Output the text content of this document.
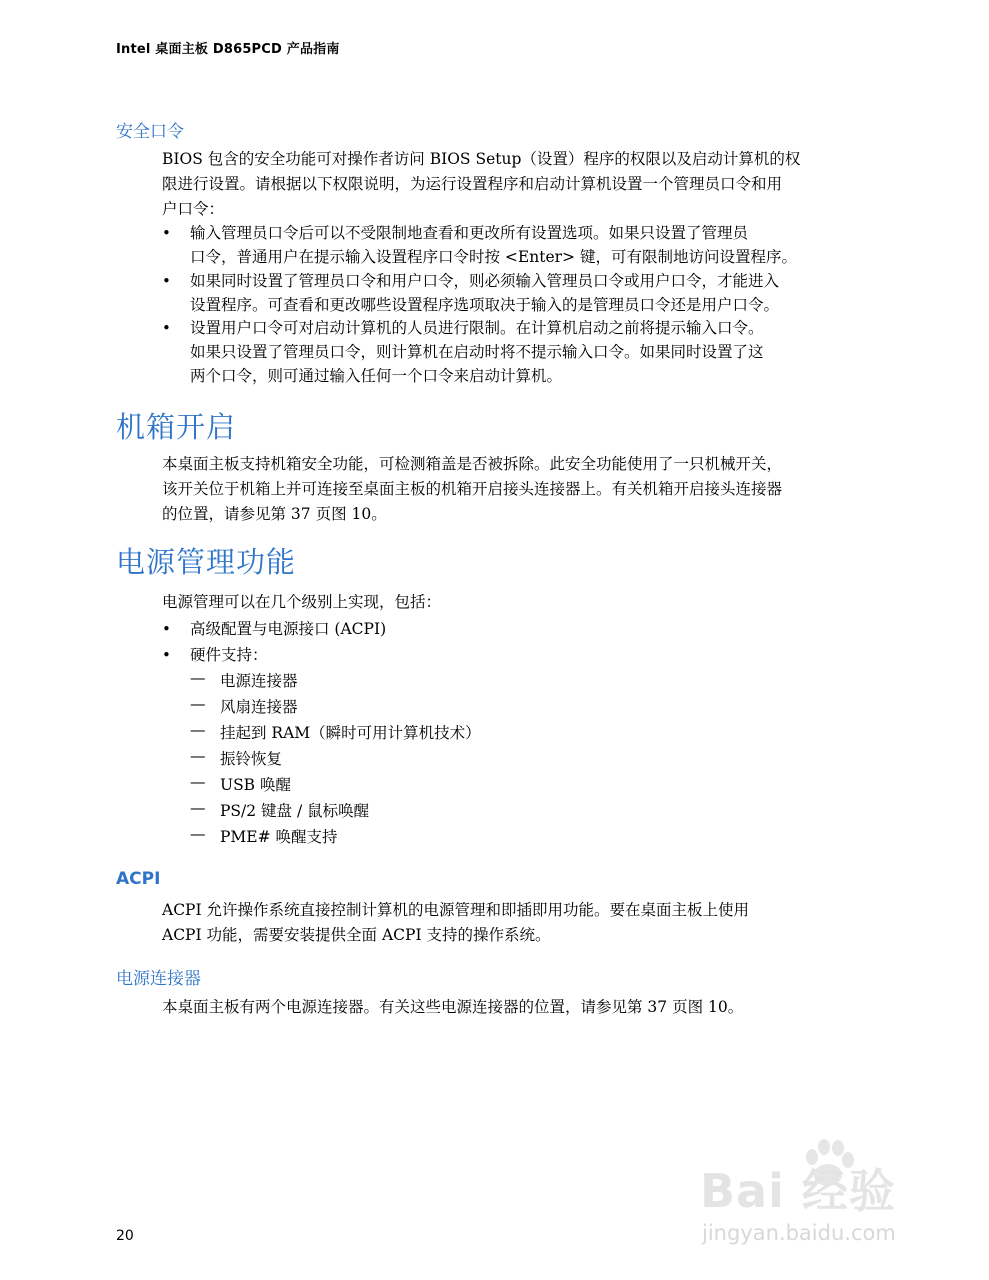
Intel 桌面主板 D865PCD 产品指南
安全口令
BIOS 包含的安全功能可对操作者访问 BIOS Setup（设置）程序的权限以及启动计算机的权
限进行设置。请根据以下权限说明，为运行设置程序和启动计算机设置一个管理员口令和用
户口令：
• 输入管理员口令后可以不受限制地查看和更改所有设置选项。如果只设置了管理员
口令，普通用户在提示输入设置程序口令时按 <Enter> 键，可有限制地访问设置程序。
• 如果同时设置了管理员口令和用户口令，则必须输入管理员口令或用户口令，才能进入
设置程序。可查看和更改哪些设置程序选项取决于输入的是管理员口令还是用户口令。
• 设置用户口令可对启动计算机的人员进行限制。在计算机启动之前将提示输入口令。
如果只设置了管理员口令，则计算机在启动时将不提示输入口令。如果同时设置了这
两个口令，则可通过输入任何一个口令来启动计算机。
机箱开启
本桌面主板支持机箱安全功能，可检测箱盖是否被拆除。此安全功能使用了一只机械开关，
该开关位于机箱上并可连接至桌面主板的机箱开启接头连接器上。有关机箱开启接头连接器
的位置，请参见第 37 页图 10。
电源管理功能
电源管理可以在几个级别上实现，包括：
• 高级配置与电源接口 (ACPI)
• 硬件支持：
— 电源连接器
— 风扇连接器
— 挂起到 RAM（瞬时可用计算机技术）
— 振铃恢复
— USB 唤醒
— PS/2 键盘 / 鼠标唤醒
— PME# 唤醒支持
ACPI
ACPI 允许操作系统直接控制计算机的电源管理和即插即用功能。要在桌面主板上使用
ACPI 功能，需要安装提供全面 ACPI 支持的操作系统。
电源连接器
本桌面主板有两个电源连接器。有关这些电源连接器的位置，请参见第 37 页图 10。
20
Bai 经验
jingyan.baidu.com
